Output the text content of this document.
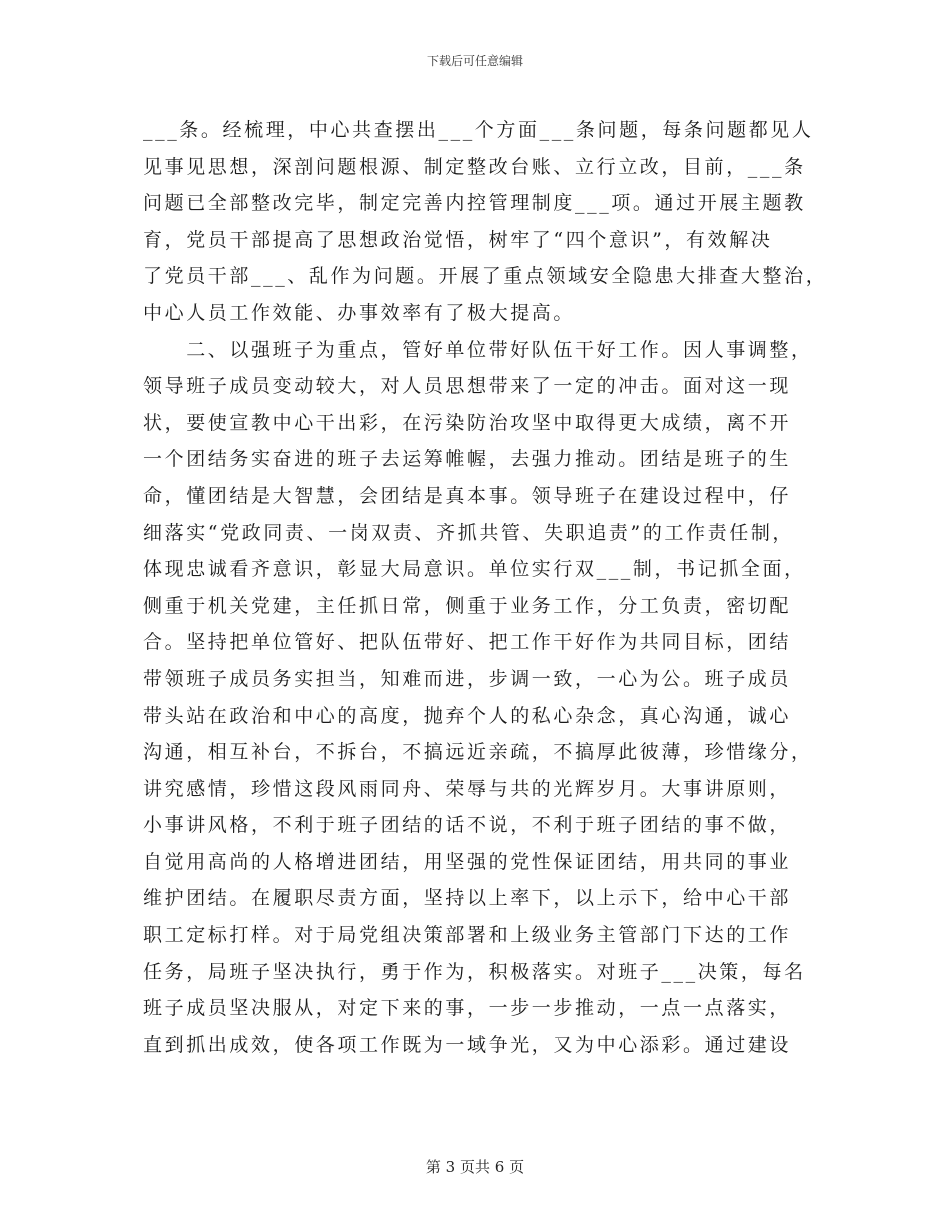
下载后可任意编辑
___条。经梳理，中心共查摆出___个方面___条问题，每条问题都见人
见事见思想，深剖问题根源、制定整改台账、立行立改，目前，___条
问题已全部整改完毕，制定完善内控管理制度___项。通过开展主题教
育，党员干部提高了思想政治觉悟，树牢了“四个意识”，有效解决
了党员干部___、乱作为问题。开展了重点领域安全隐患大排查大整治，
中心人员工作效能、办事效率有了极大提高。
　　二、以强班子为重点，管好单位带好队伍干好工作。因人事调整，
领导班子成员变动较大，对人员思想带来了一定的冲击。面对这一现
状，要使宣教中心干出彩，在污染防治攻坚中取得更大成绩，离不开
一个团结务实奋进的班子去运筹帷幄，去强力推动。团结是班子的生
命，懂团结是大智慧，会团结是真本事。领导班子在建设过程中，仔
细落实“党政同责、一岗双责、齐抓共管、失职追责”的工作责任制，
体现忠诚看齐意识，彰显大局意识。单位实行双___制，书记抓全面，
侧重于机关党建，主任抓日常，侧重于业务工作，分工负责，密切配
合。坚持把单位管好、把队伍带好、把工作干好作为共同目标，团结
带领班子成员务实担当，知难而进，步调一致，一心为公。班子成员
带头站在政治和中心的高度，抛弃个人的私心杂念，真心沟通，诚心
沟通，相互补台，不拆台，不搞远近亲疏，不搞厚此彼薄，珍惜缘分，
讲究感情，珍惜这段风雨同舟、荣辱与共的光辉岁月。大事讲原则，
小事讲风格，不利于班子团结的话不说，不利于班子团结的事不做，
自觉用高尚的人格增进团结，用坚强的党性保证团结，用共同的事业
维护团结。在履职尽责方面，坚持以上率下，以上示下，给中心干部
职工定标打样。对于局党组决策部署和上级业务主管部门下达的工作
任务，局班子坚决执行，勇于作为，积极落实。对班子___决策，每名
班子成员坚决服从，对定下来的事，一步一步推动，一点一点落实，
直到抓出成效，使各项工作既为一域争光，又为中心添彩。通过建设
第 3 页共 6 页
